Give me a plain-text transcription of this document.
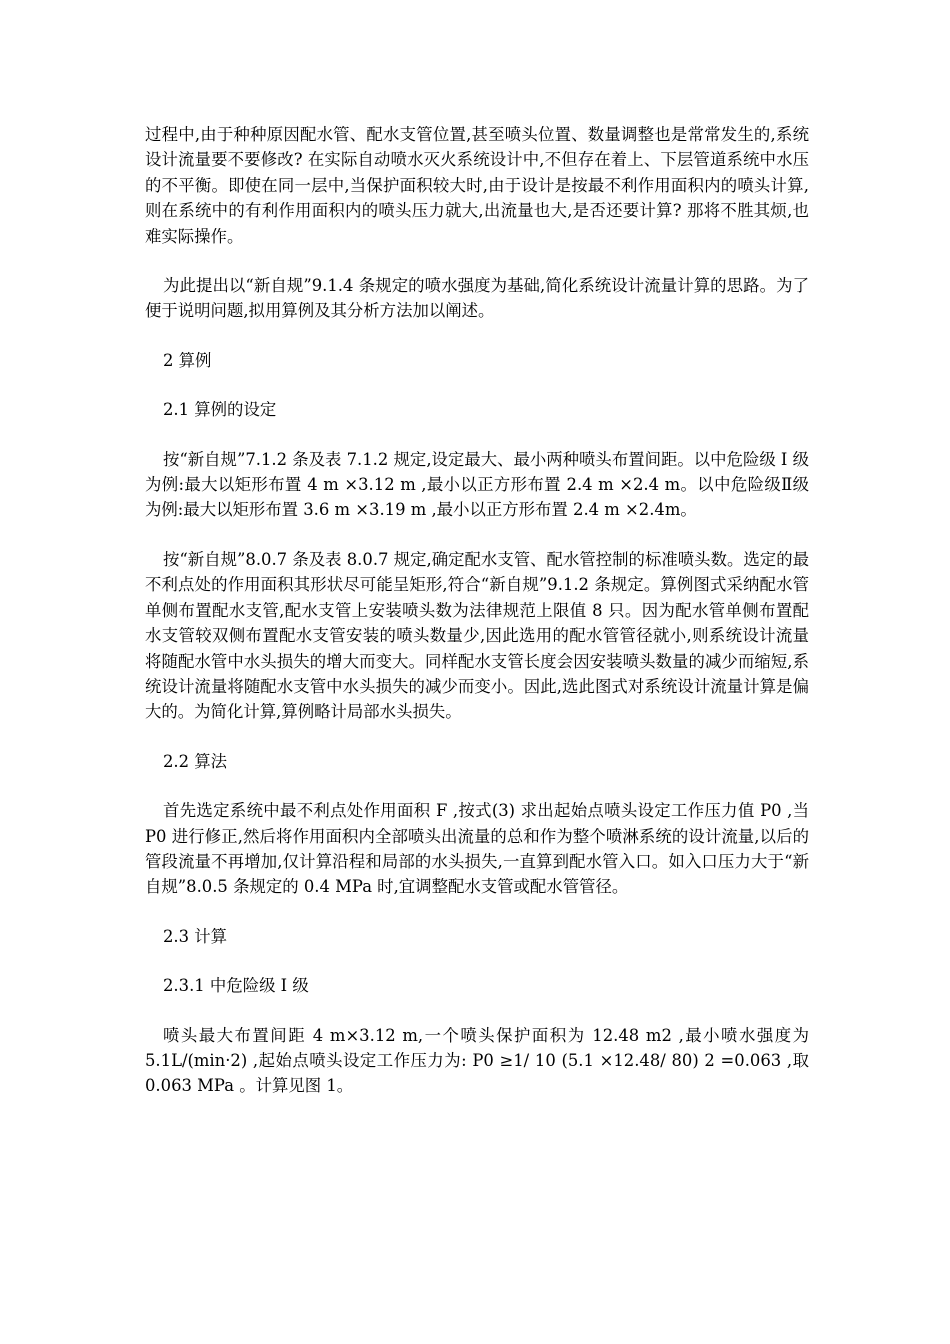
过程中,由于种种原因配水管、配水支管位置,甚至喷头位置、数量调整也是常常发生的,系统设计流量要不要修改? 在实际自动喷水灭火系统设计中,不但存在着上、下层管道系统中水压的不平衡。即使在同一层中,当保护面积较大时,由于设计是按最不利作用面积内的喷头计算,则在系统中的有利作用面积内的喷头压力就大,出流量也大,是否还要计算? 那将不胜其烦,也难实际操作。

为此提出以“新自规”9.1.4 条规定的喷水强度为基础,简化系统设计流量计算的思路。为了便于说明问题,拟用算例及其分析方法加以阐述。

2 算例

2.1 算例的设定

按“新自规”7.1.2 条及表 7.1.2 规定,设定最大、最小两种喷头布置间距。以中危险级 I 级为例:最大以矩形布置 4 m ×3.12 m ,最小以正方形布置 2.4 m ×2.4 m。以中危险级Ⅱ级为例:最大以矩形布置 3.6 m ×3.19 m ,最小以正方形布置 2.4 m ×2.4m。

按“新自规”8.0.7 条及表 8.0.7 规定,确定配水支管、配水管控制的标准喷头数。选定的最不利点处的作用面积其形状尽可能呈矩形,符合“新自规”9.1.2 条规定。算例图式采纳配水管单侧布置配水支管,配水支管上安装喷头数为法律规范上限值 8 只。因为配水管单侧布置配水支管较双侧布置配水支管安装的喷头数量少,因此选用的配水管管径就小,则系统设计流量将随配水管中水头损失的增大而变大。同样配水支管长度会因安装喷头数量的减少而缩短,系统设计流量将随配水支管中水头损失的减少而变小。因此,选此图式对系统设计流量计算是偏大的。为简化计算,算例略计局部水头损失。

2.2 算法

首先选定系统中最不利点处作用面积 F ,按式(3) 求出起始点喷头设定工作压力值 P0 ,当 P0 进行修正,然后将作用面积内全部喷头出流量的总和作为整个喷淋系统的设计流量,以后的管段流量不再增加,仅计算沿程和局部的水头损失,一直算到配水管入口。如入口压力大于“新自规”8.0.5 条规定的 0.4 MPa 时,宜调整配水支管或配水管管径。

2.3 计算

2.3.1 中危险级 I 级

喷头最大布置间距 4 m×3.12 m,一个喷头保护面积为 12.48 m2 ,最小喷水强度为 5.1L/(min·2) ,起始点喷头设定工作压力为: P0 ≥1/ 10 (5.1 ×12.48/ 80) 2 =0.063 ,取 0.063 MPa 。计算见图 1。
